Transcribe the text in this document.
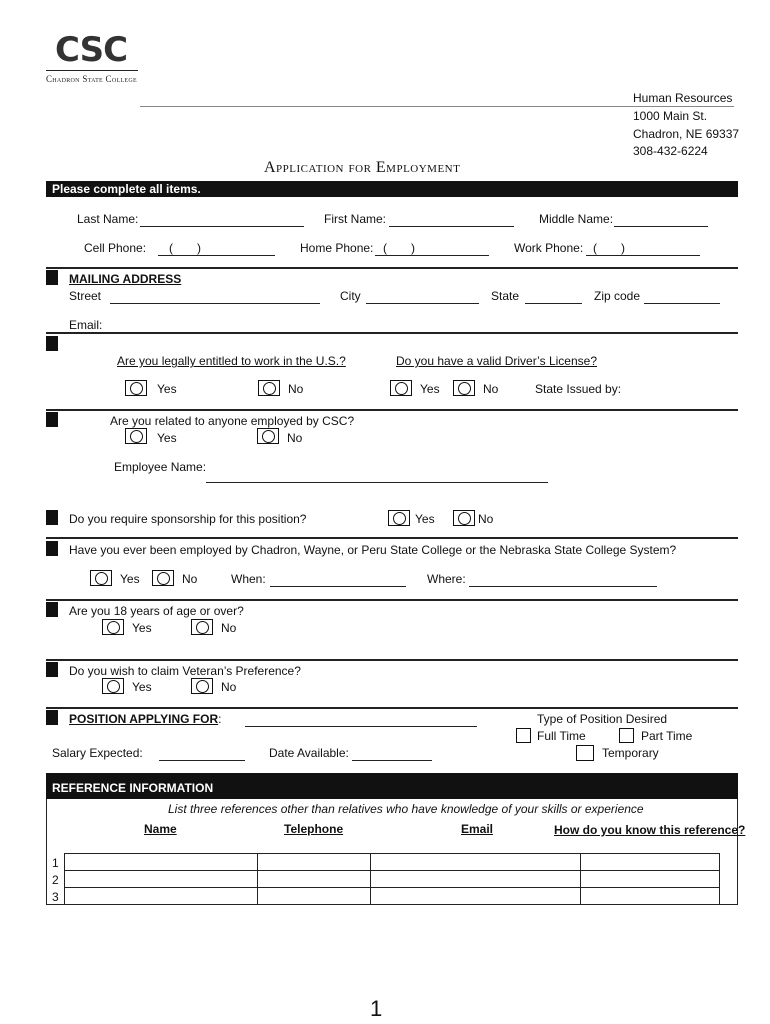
CSC
Chadron State College
Human Resources
1000 Main St.
Chadron, NE 69337
308-432-6224
Application for Employment
Please complete all items.
Last Name:	First Name:	Middle Name:
Cell Phone: ( )	Home Phone: ( )	Work Phone: ( )
MAILING ADDRESS
Street	City	State	Zip code
Email:
Are you legally entitled to work in the U.S.?	Do you have a valid Driver’s License?
Yes	No	Yes	No	State Issued by:
Are you related to anyone employed by CSC?
Yes	No
Employee Name:
Do you require sponsorship for this position?	Yes	No
Have you ever been employed by Chadron, Wayne, or Peru State College or the Nebraska State College System?
Yes	No	When:	Where:
Are you 18 years of age or over?
Yes	No
Do you wish to claim Veteran’s Preference?
Yes	No
POSITION APPLYING FOR:	Type of Position Desired
Full Time	Part Time
Temporary
Salary Expected:	Date Available:
REFERENCE INFORMATION
List three references other than relatives who have knowledge of your skills or experience
Name	Telephone	Email	How do you know this reference?
1
2
3

1
